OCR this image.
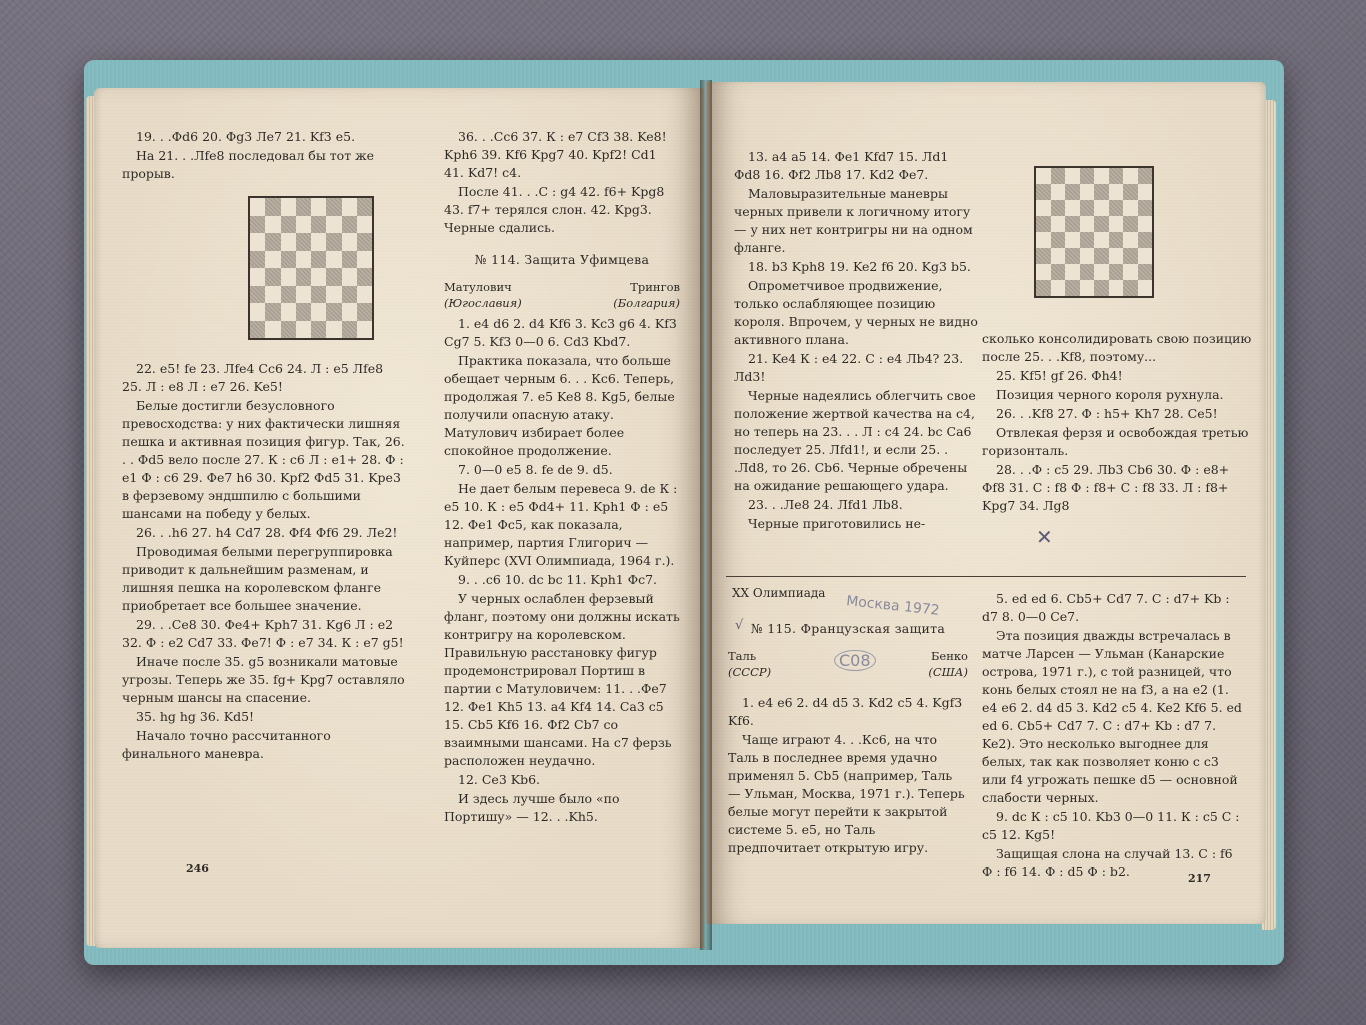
19. . .Фd6 20. Фg3 Ле7 21. Kf3 е5.

На 21. . .Лfe8 последовал бы тот же прорыв.

22. e5! fe 23. Лfe4 Cc6 24. Л : е5 Лfe8 25. Л : е8 Л : е7 26. Ke5!

Белые достигли безусловного превосходства: у них фактически лишняя пешка и активная позиция фигур. Так, 26. . . Фd5 вело после 27. К : с6 Л : е1+ 28. Ф : е1 Ф : с6 29. Фе7 h6 30. Kpf2 Фd5 31. Kpe3 в ферзевому эндшпилю с большими шансами на победу у белых.

26. . .h6 27. h4 Cd7 28. Фf4 Фf6 29. Ле2!

Проводимая белыми перегруппировка приводит к дальнейшим разменам, и лишняя пешка на королевском фланге приобретает все большее значение.

29. . .Ce8 30. Фe4+ Kph7 31. Kg6 Л : е2 32. Ф : е2 Cd7 33. Фе7! Ф : е7 34. К : е7 g5!

Иначе после 35. g5 возникали матовые угрозы. Теперь же 35. fg+ Kpg7 оставляло черным шансы на спасение.

35. hg hg 36. Kd5!

Начало точно рассчитанного финального маневра.

36. . .Cc6 37. К : е7 Cf3 38. Ke8! Kph6 39. Kf6 Kpg7 40. Kpf2! Cd1 41. Kd7! с4.

После 41. . .С : g4 42. f6+ Kpg8 43. f7+ терялся слон. 42. Kpg3. Черные сдались.

№ 114. Защита Уфимцева
Матулович	Трингов
(Югославия)	(Болгария)

1. е4 d6 2. d4 Kf6 3. Kc3 g6 4. Kf3 Cg7 5. Kf3 0—0 6. Cd3 Kbd7.

Практика показала, что больше обещает черным 6. . . Кс6. Теперь, продолжая 7. е5 Ke8 8. Kg5, белые получили опасную атаку. Матулович избирает более спокойное продолжение.

7. 0—0 е5 8. fe de 9. d5.

Не дает белым перевеса 9. de К : е5 10. К : е5 Фd4+ 11. Kph1 Ф : е5 12. Фе1 Фс5, как показала, например, партия Глигорич — Куйперс (XVI Олимпиада, 1964 г.).

9. . .с6 10. dc bc 11. Kph1 Фс7.

У черных ослаблен ферзевый фланг, поэтому они должны искать контригру на королевском. Правильную расстановку фигур продемонстрировал Портиш в партии с Матуловичем: 11. . .Фе7 12. Фе1 Kh5 13. а4 Kf4 14. Ca3 c5 15. Cb5 Kf6 16. Фf2 Cb7 со взаимными шансами. На с7 ферзь расположен неудачно.

12. Ce3 Kb6.

И здесь лучше было «по Портишу» — 12. . .Kh5.

246

13. а4 а5 14. Фе1 Kfd7 15. Лd1 Фd8 16. Фf2 Лb8 17. Kd2 Фе7.

Маловыразительные маневры черных привели к логичному итогу — у них нет контригры ни на одном фланге.

18. b3 Kph8 19. Ke2 f6 20. Kg3 b5.

Опрометчивое продвижение, только ослабляющее позицию короля. Впрочем, у черных не видно активного плана.

21. Ke4 К : е4 22. С : е4 Лb4? 23. Лd3!

Черные надеялись облегчить свое положение жертвой качества на с4, но теперь на 23. . . Л : с4 24. bc Ca6 последует 25. Лfd1!, и если 25. . .Лd8, то 26. Cb6. Черные обречены на ожидание решающего удара.

23. . .Ле8 24. Лfd1 Лb8.

Черные приготовились не-

сколько консолидировать свою позицию после 25. . .Kf8, поэтому...

25. Kf5! gf 26. Фh4!

Позиция черного короля рухнула.

26. . .Kf8 27. Ф : h5+ Kh7 28. Ce5!

Отвлекая ферзя и освобождая третью горизонталь.

28. . .Ф : с5 29. Лb3 Cb6 30. Ф : е8+ Фf8 31. С : f8 Ф : f8+ С : f8 33. Л : f8+ Kpg7 34. Лg8

XX Олимпиада
№ 115. Французская защита
Таль	Бенко
(СССР)	(США)

1. е4 е6 2. d4 d5 3. Kd2 с5 4. Kgf3 Kf6.

Чаще играют 4. . .Кс6, на что Таль в последнее время удачно применял 5. Cb5 (например, Таль — Ульман, Москва, 1971 г.). Теперь белые могут перейти к закрытой системе 5. е5, но Таль предпочитает открытую игру.

5. ed ed 6. Cb5+ Cd7 7. С : d7+ Kb : d7 8. 0—0 Се7.

Эта позиция дважды встречалась в матче Ларсен — Ульман (Канарские острова, 1971 г.), с той разницей, что конь белых стоял не на f3, а на е2 (1. е4 е6 2. d4 d5 3. Kd2 c5 4. Ke2 Kf6 5. ed ed 6. Cb5+ Cd7 7. С : d7+ Kb : d7 7. Ke2). Это несколько выгоднее для белых, так как позволяет коню с с3 или f4 угрожать пешке d5 — основной слабости черных.

9. dc К : с5 10. Kb3 0—0 11. К : с5 С : с5 12. Kg5!

Защищая слона на случай 13. С : f6 Ф : f6 14. Ф : d5 Ф : b2.	217
Москва 1972
С08
✕
√
